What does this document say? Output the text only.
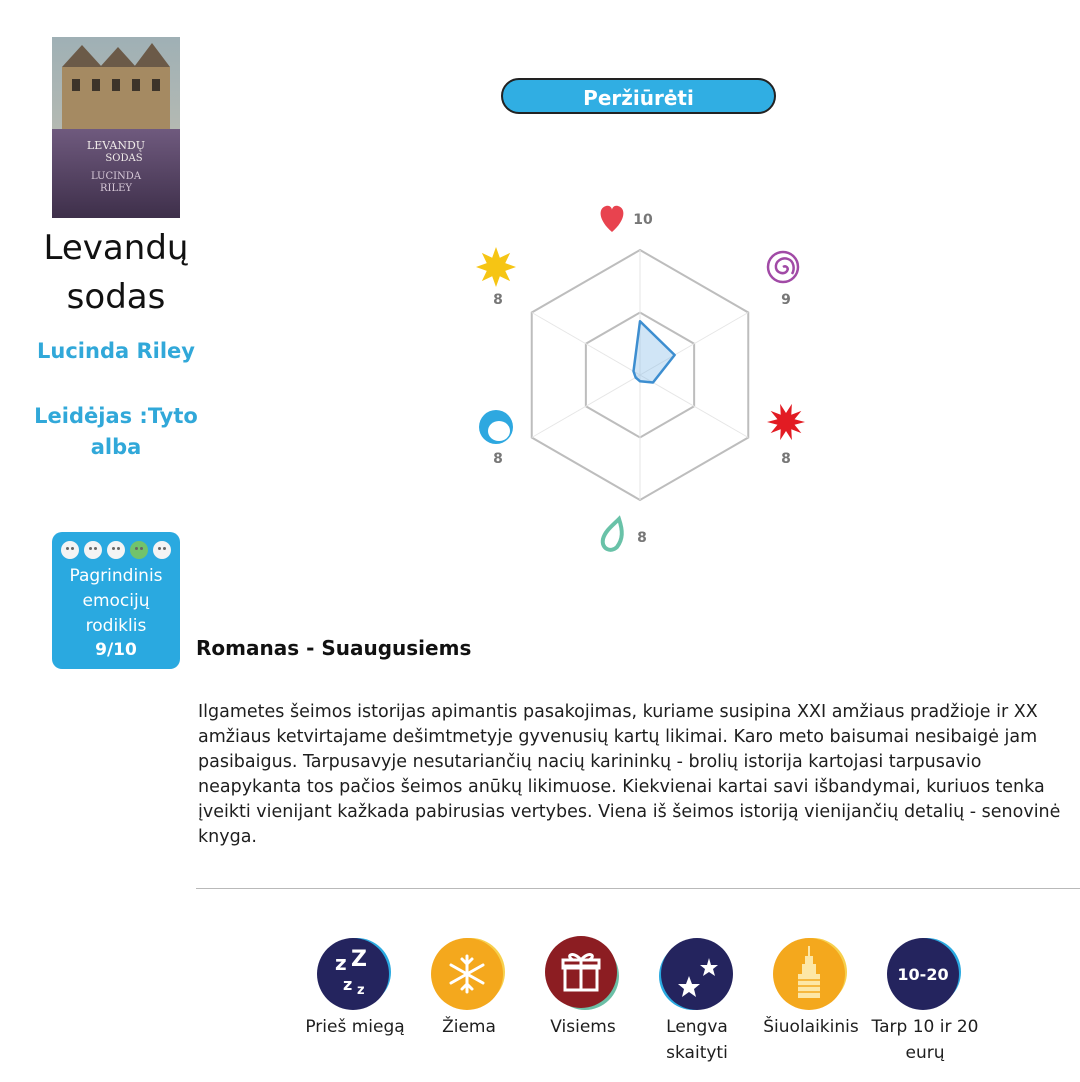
LEVANDŲ
SODAS
LUCINDA
RILEY
Levandų sodas
Lucinda Riley
Leidėjas :Tyto alba
Pagrindinis emocijų rodiklis
9/10
Peržiūrėti įvertinimus/10
10
9
8
8
8
8
Romanas - Suaugusiems
Ilgametes šeimos istorijas apimantis pasakojimas, kuriame susipina XXI amžiaus pradžioje ir XX amžiaus ketvirtajame dešimtmetyje gyvenusių kartų likimai. Karo meto baisumai nesibaigė jam pasibaigus. Tarpusavyje nesutariančių nacių karininkų - brolių istorija kartojasi tarpusavio neapykanta tos pačios šeimos anūkų likimuose. Kiekvienai kartai savi išbandymai, kuriuos tenka įveikti vienijant kažkada pabirusias vertybes. Viena iš šeimos istoriją vienijančių detalių - senovinė knyga.
z Z
z z
Prieš miegą	Žiema	Visiems	Lengva skaityti
Šiuolaikinis
10-20
Tarp 10 ir 20 eurų
